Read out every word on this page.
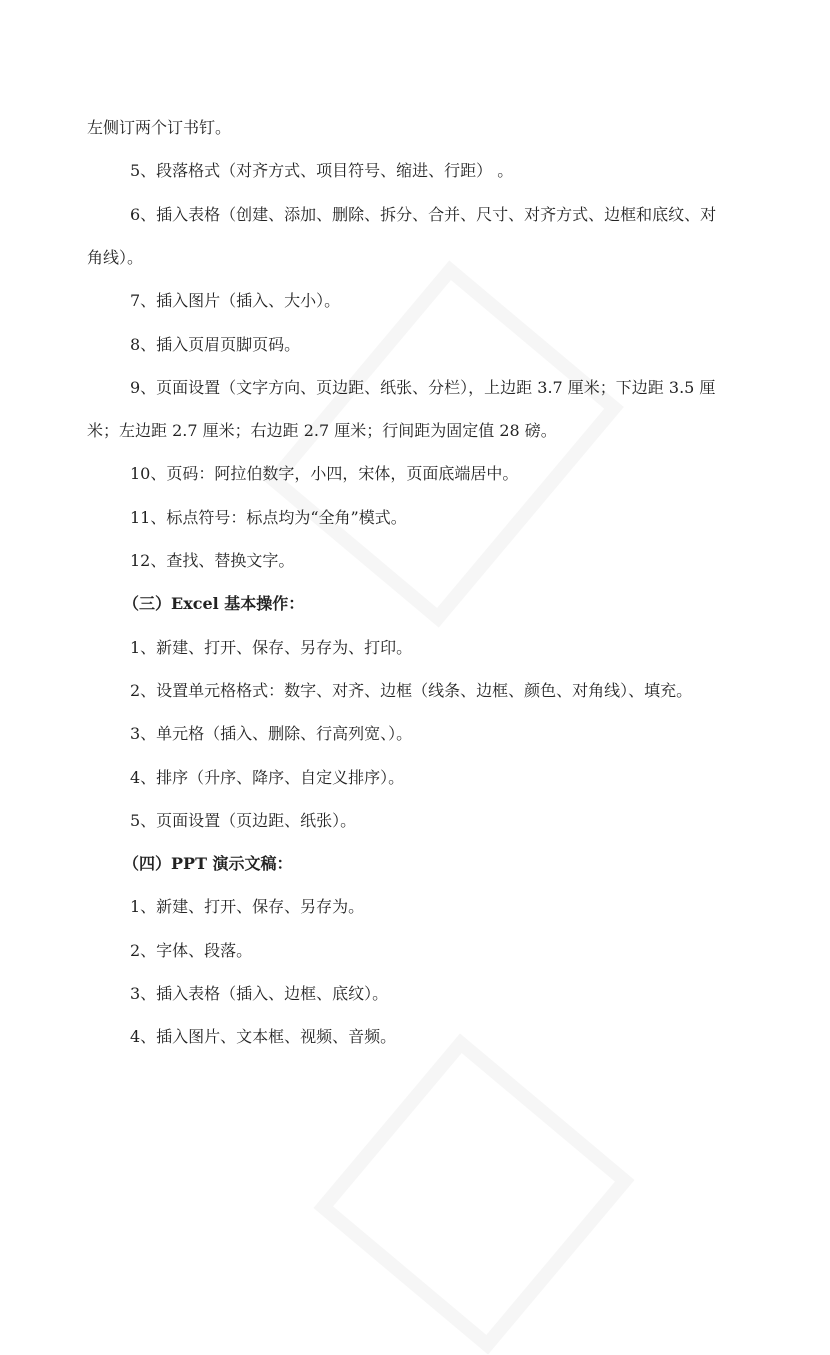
左侧订两个订书钉。
5、段落格式（对齐方式、项目符号、缩进、行距） 。
6、插入表格（创建、添加、删除、拆分、合并、尺寸、对齐方式、边框和底纹、对
角线）。
7、插入图片（插入、大小）。
8、插入页眉页脚页码。
9、页面设置（文字方向、页边距、纸张、分栏），上边距 3.7 厘米；下边距 3.5 厘
米；左边距 2.7 厘米；右边距 2.7 厘米；行间距为固定值 28 磅。
10、页码：阿拉伯数字，小四，宋体，页面底端居中。
11、标点符号：标点均为“全角”模式。
12、查找、替换文字。
（三）Excel 基本操作：
1、新建、打开、保存、另存为、打印。
2、设置单元格格式：数字、对齐、边框（线条、边框、颜色、对角线）、填充。
3、单元格（插入、删除、行高列宽、）。
4、排序（升序、降序、自定义排序）。
5、页面设置（页边距、纸张）。
（四）PPT 演示文稿：
1、新建、打开、保存、另存为。
2、字体、段落。
3、插入表格（插入、边框、底纹）。
4、插入图片、文本框、视频、音频。
